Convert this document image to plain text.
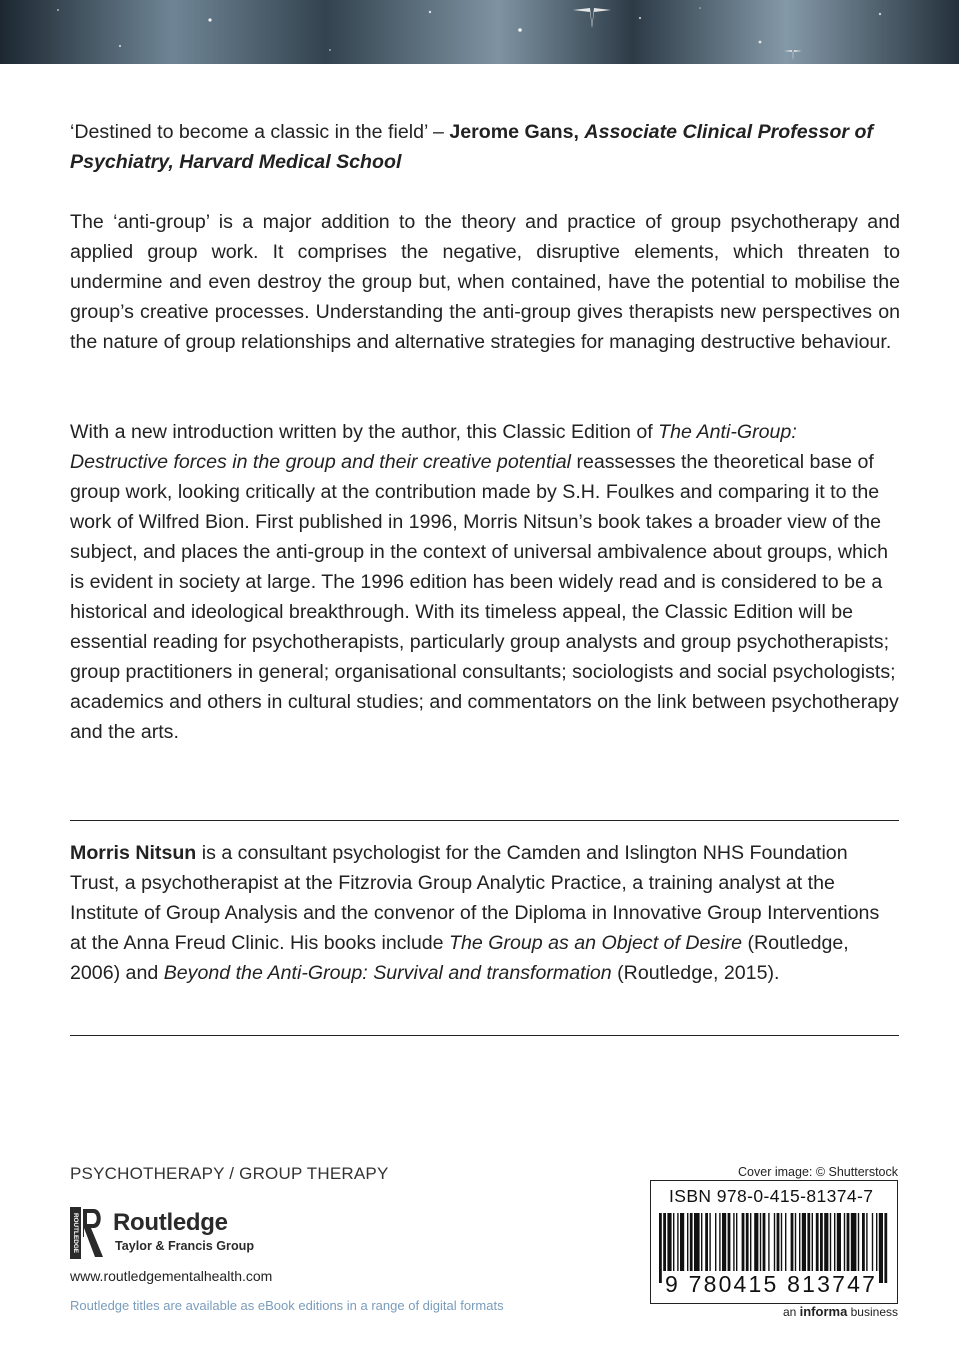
‘Destined to become a classic in the field’ – Jerome Gans, Associate Clinical Professor of Psychiatry, Harvard Medical School

The ‘anti-group’ is a major addition to the theory and practice of group psychotherapy and applied group work. It comprises the negative, disruptive elements, which threaten to undermine and even destroy the group but, when contained, have the potential to mobilise the group’s creative processes. Understanding the anti-group gives therapists new perspectives on the nature of group relationships and alternative strategies for managing destructive behaviour.

With a new introduction written by the author, this Classic Edition of The Anti-Group: Destructive forces in the group and their creative potential reassesses the theoretical base of group work, looking critically at the contribution made by S.H. Foulkes and comparing it to the work of Wilfred Bion. First published in 1996, Morris Nitsun’s book takes a broader view of the subject, and places the anti-group in the context of universal ambivalence about groups, which is evident in society at large. The 1996 edition has been widely read and is considered to be a historical and ideological breakthrough. With its timeless appeal, the Classic Edition will be essential reading for psychotherapists, particularly group analysts and group psychotherapists; group practitioners in general; organisational consultants; sociologists and social psychologists; academics and others in cultural studies; and commentators on the link between psychotherapy and the arts.

Morris Nitsun is a consultant psychologist for the Camden and Islington NHS Foundation Trust, a psychotherapist at the Fitzrovia Group Analytic Practice, a training analyst at the Institute of Group Analysis and the convenor of the Diploma in Innovative Group Interventions at the Anna Freud Clinic. His books include The Group as an Object of Desire (Routledge, 2006) and Beyond the Anti-Group: Survival and transformation (Routledge, 2015).

PSYCHOTHERAPY / GROUP THERAPY
ROUTLEDGE Routledge
Taylor & Francis Group
www.routledgementalhealth.com
Routledge titles are available as eBook editions in a range of digital formats
Cover image: © Shutterstock
ISBN 978-0-415-81374-7
9 780415 813747
an informa business
